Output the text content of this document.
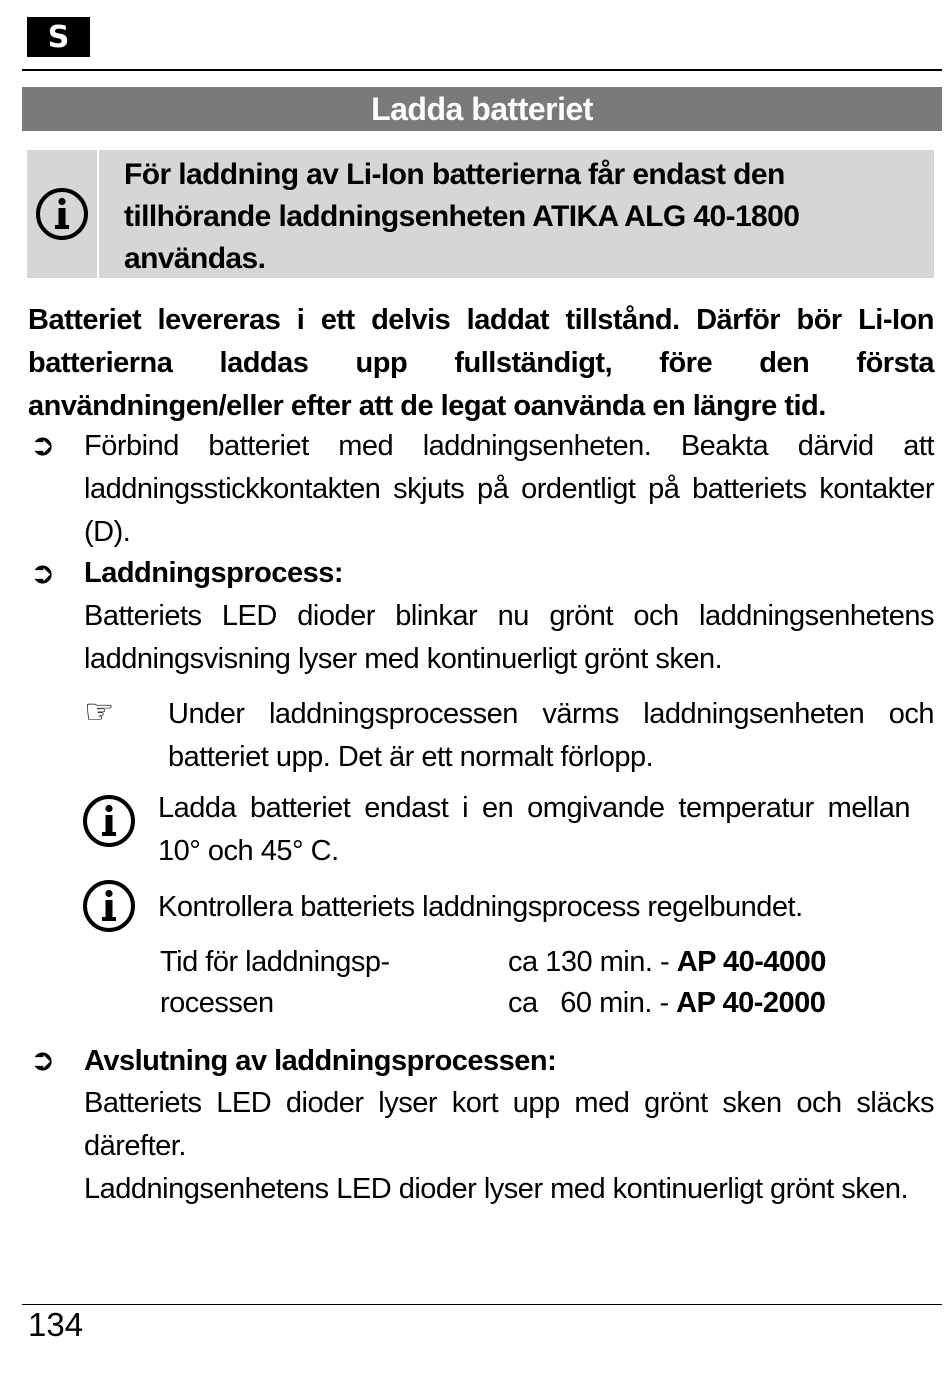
S
Ladda batteriet
För laddning av Li-Ion batterierna får endast den tillhörande laddningsenheten ATIKA ALG 40-1800 användas.
Batteriet levereras i ett delvis laddat tillstånd. Därför bör Li-Ion batterierna laddas upp fullständigt, före den första användningen/eller efter att de legat oanvända en längre tid.
➲ Förbind batteriet med laddningsenheten. Beakta därvid att laddningsstickkontakten skjuts på ordentligt på batteriets kontakter (D).
➲ Laddningsprocess:
Batteriets LED dioder blinkar nu grönt och laddningsenhetens laddningsvisning lyser med kontinuerligt grönt sken.
☞ Under laddningsprocessen värms laddningsenheten och batteriet upp. Det är ett normalt förlopp.
Ladda batteriet endast i en omgivande temperatur mellan 10° och 45° C.
Kontrollera batteriets laddningsprocess regelbundet.
Tid för laddningsp-
rocessen
ca 130 min. - AP 40-4000
ca   60 min. - AP 40-2000
➲ Avslutning av laddningsprocessen:
Batteriets LED dioder lyser kort upp med grönt sken och släcks därefter.
Laddningsenhetens LED dioder lyser med kontinuerligt grönt sken.
134
